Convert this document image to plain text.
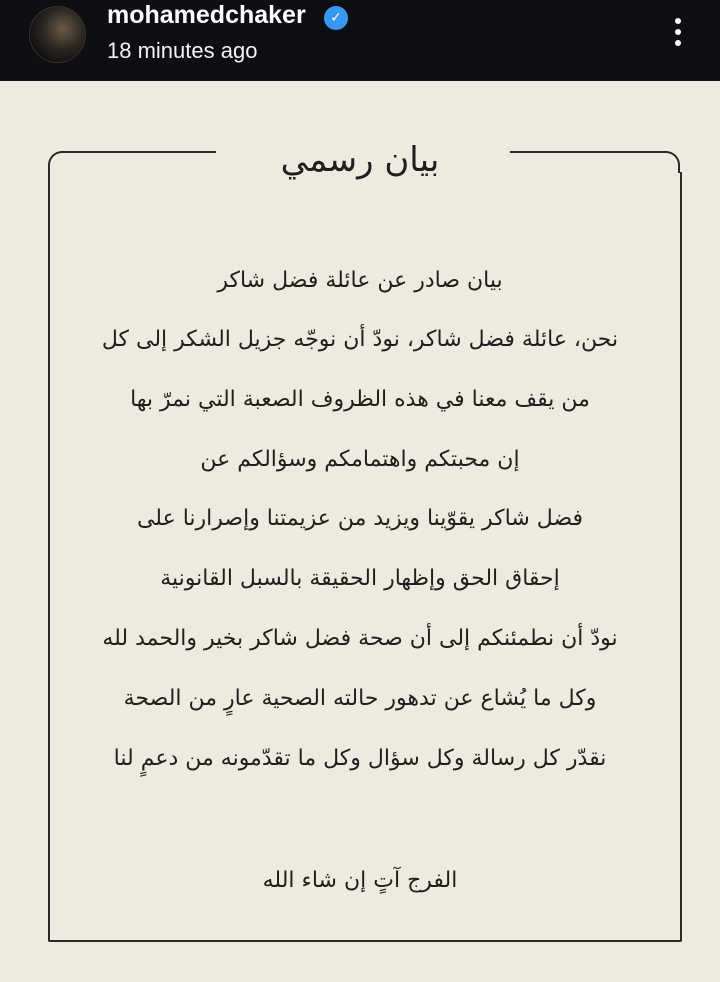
mohamedchaker	✓
18 minutes ago
بيان رسمي
بيان صادر عن عائلة فضل شاكر
نحن، عائلة فضل شاكر، نودّ أن نوجّه جزيل الشكر إلى كل
من يقف معنا في هذه الظروف الصعبة التي نمرّ بها
إن محبتكم واهتمامكم وسؤالكم عن
فضل شاكر يقوّينا ويزيد من عزيمتنا وإصرارنا على
إحقاق الحق وإظهار الحقيقة بالسبل القانونية
نودّ أن نطمئنكم إلى أن صحة فضل شاكر بخير والحمد لله
وكل ما يُشاع عن تدهور حالته الصحية عارٍ من الصحة
نقدّر كل رسالة وكل سؤال وكل ما تقدّمونه من دعمٍ لنا
الفرج آتٍ إن شاء الله
